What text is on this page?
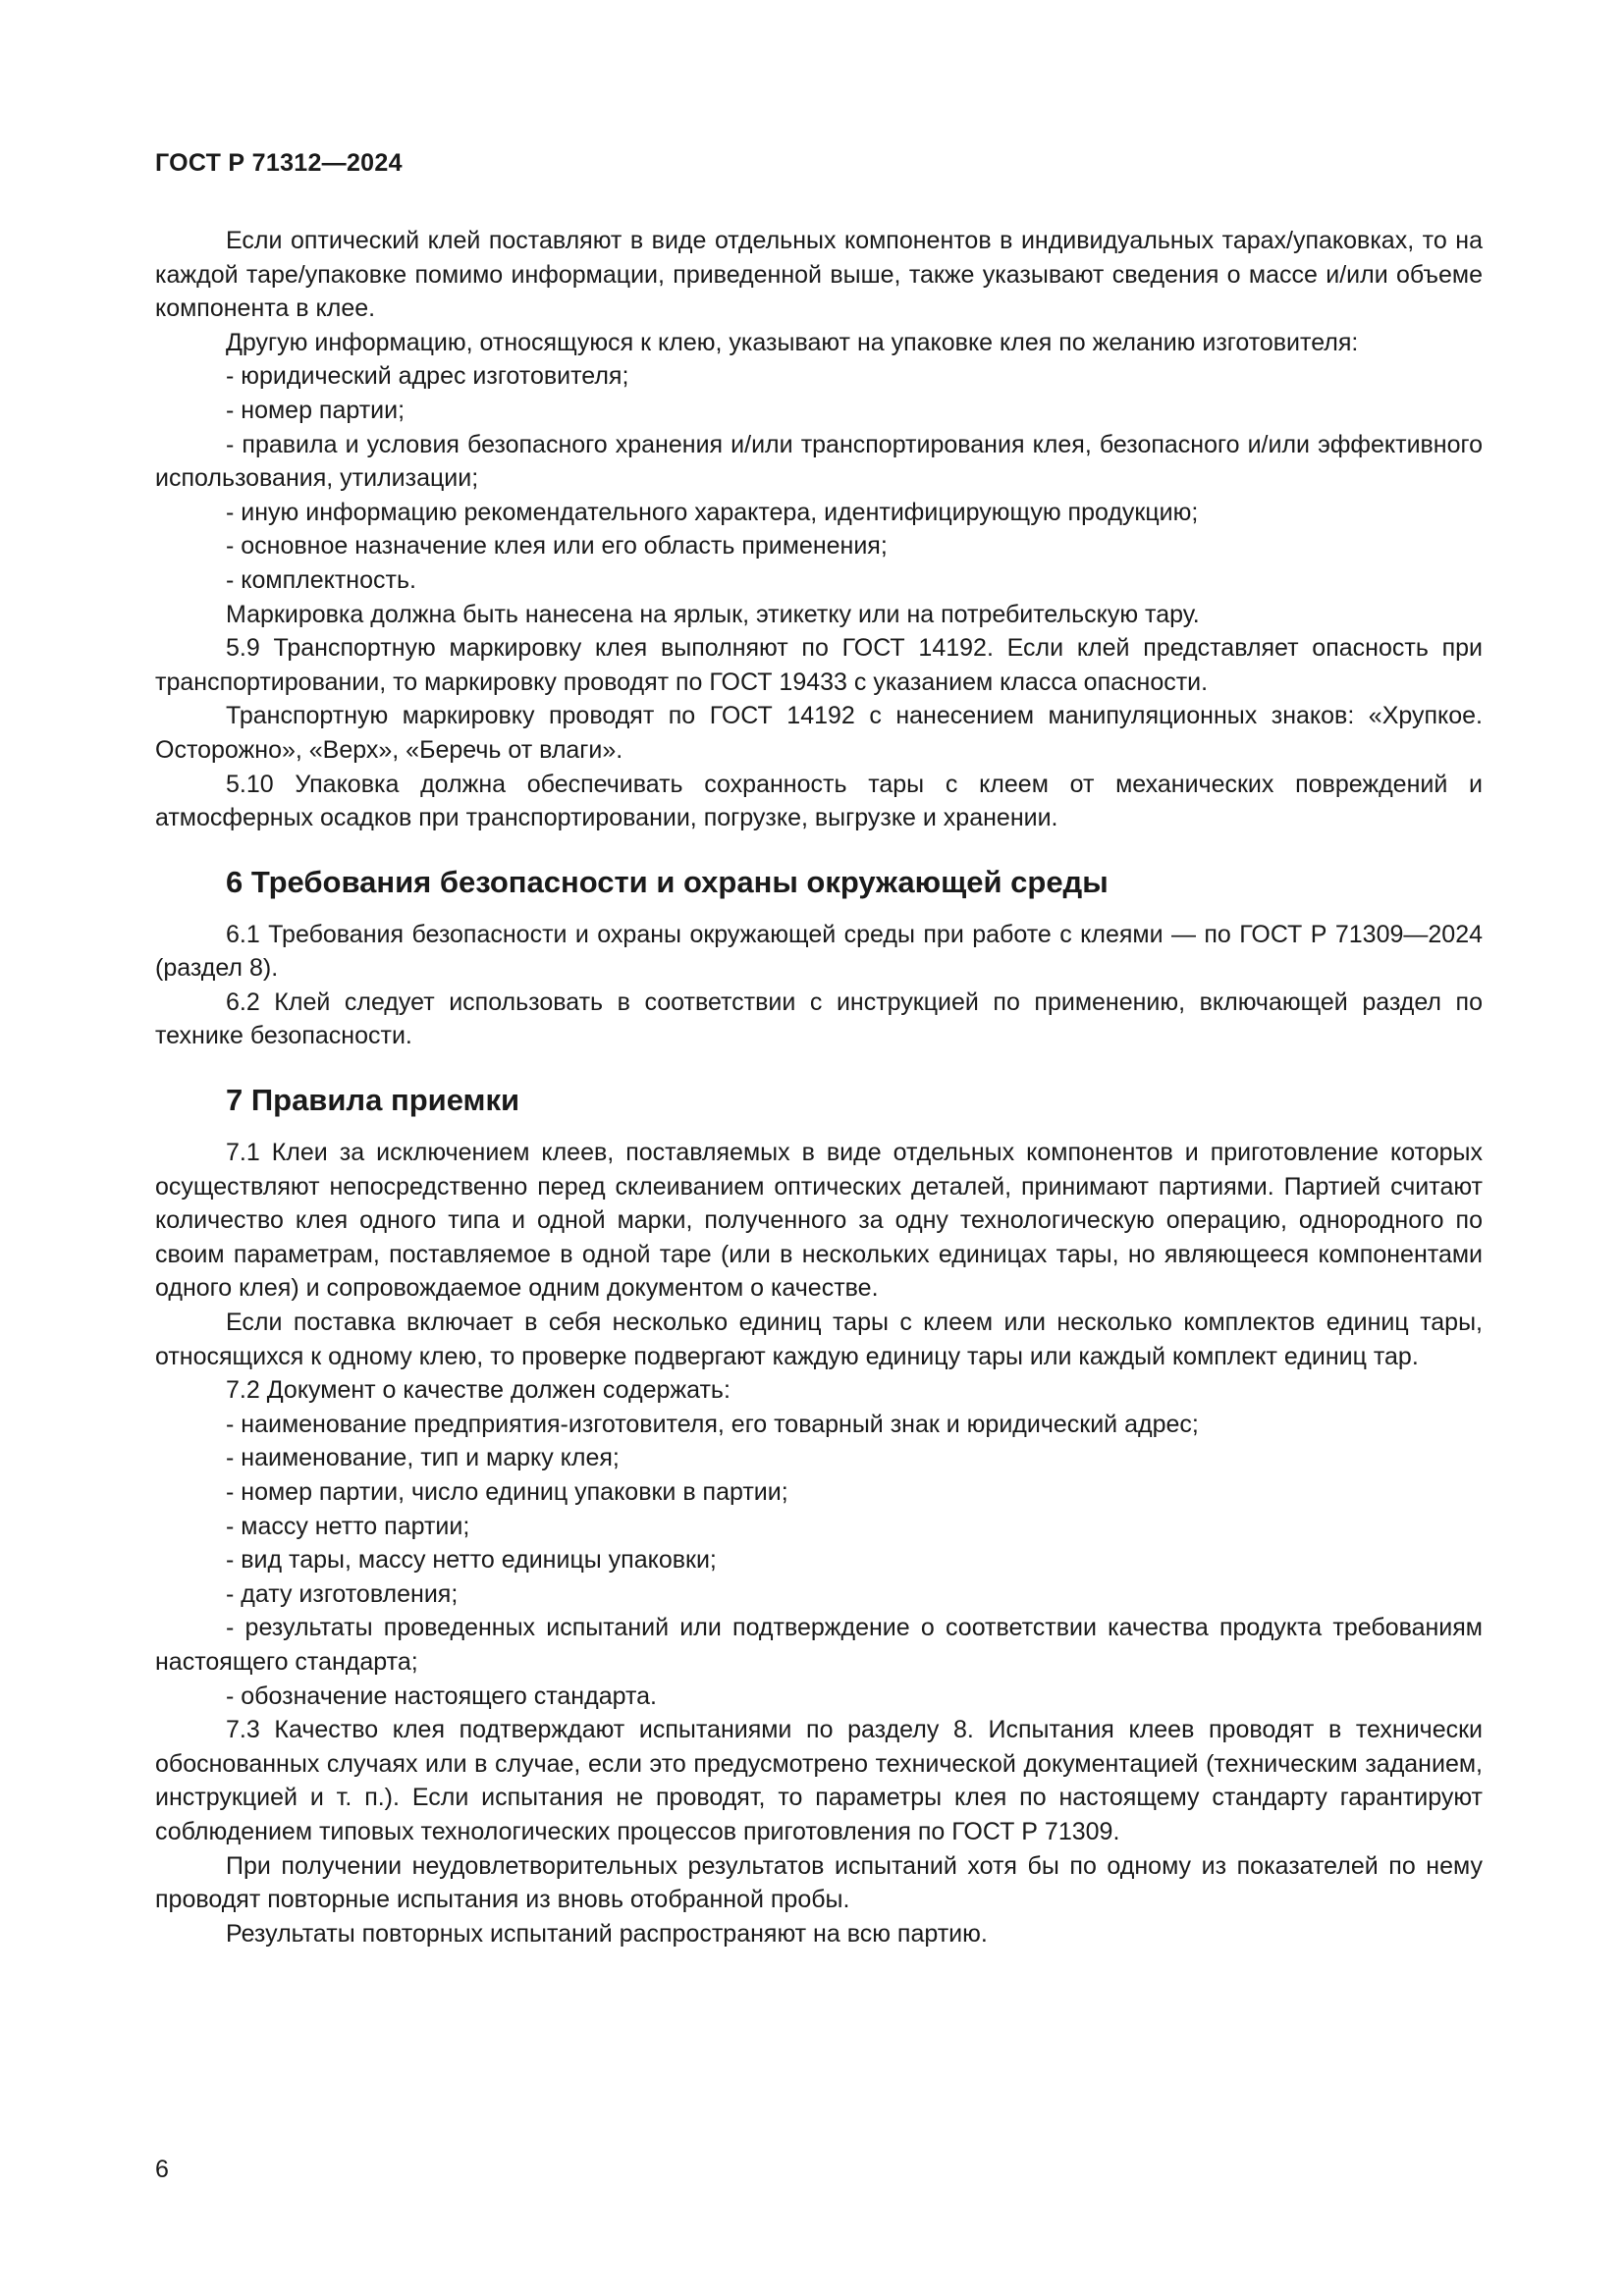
ГОСТ Р 71312—2024

Если оптический клей поставляют в виде отдельных компонентов в индивидуальных тарах/упаковках, то на каждой таре/упаковке помимо информации, приведенной выше, также указывают сведения о массе и/или объеме компонента в клее.

Другую информацию, относящуюся к клею, указывают на упаковке клея по желанию изготовителя:

- юридический адрес изготовителя;

- номер партии;

- правила и условия безопасного хранения и/или транспортирования клея, безопасного и/или эффективного использования, утилизации;

- иную информацию рекомендательного характера, идентифицирующую продукцию;

- основное назначение клея или его область применения;

- комплектность.

Маркировка должна быть нанесена на ярлык, этикетку или на потребительскую тару.

5.9 Транспортную маркировку клея выполняют по ГОСТ 14192. Если клей представляет опасность при транспортировании, то маркировку проводят по ГОСТ 19433 с указанием класса опасности.

Транспортную маркировку проводят по ГОСТ 14192 с нанесением манипуляционных знаков: «Хрупкое. Осторожно», «Верх», «Беречь от влаги».

5.10 Упаковка должна обеспечивать сохранность тары с клеем от механических повреждений и атмосферных осадков при транспортировании, погрузке, выгрузке и хранении.

6 Требования безопасности и охраны окружающей среды

6.1 Требования безопасности и охраны окружающей среды при работе с клеями — по ГОСТ Р 71309—2024 (раздел 8).

6.2 Клей следует использовать в соответствии с инструкцией по применению, включающей раздел по технике безопасности.

7 Правила приемки

7.1 Клеи за исключением клеев, поставляемых в виде отдельных компонентов и приготовление которых осуществляют непосредственно перед склеиванием оптических деталей, принимают партиями. Партией считают количество клея одного типа и одной марки, полученного за одну технологическую операцию, однородного по своим параметрам, поставляемое в одной таре (или в нескольких единицах тары, но являющееся компонентами одного клея) и сопровождаемое одним документом о качестве.

Если поставка включает в себя несколько единиц тары с клеем или несколько комплектов единиц тары, относящихся к одному клею, то проверке подвергают каждую единицу тары или каждый комплект единиц тар.

7.2 Документ о качестве должен содержать:

- наименование предприятия-изготовителя, его товарный знак и юридический адрес;

- наименование, тип и марку клея;

- номер партии, число единиц упаковки в партии;

- массу нетто партии;

- вид тары, массу нетто единицы упаковки;

- дату изготовления;

- результаты проведенных испытаний или подтверждение о соответствии качества продукта требованиям настоящего стандарта;

- обозначение настоящего стандарта.

7.3 Качество клея подтверждают испытаниями по разделу 8. Испытания клеев проводят в технически обоснованных случаях или в случае, если это предусмотрено технической документацией (техническим заданием, инструкцией и т. п.). Если испытания не проводят, то параметры клея по настоящему стандарту гарантируют соблюдением типовых технологических процессов приготовления по ГОСТ Р 71309.

При получении неудовлетворительных результатов испытаний хотя бы по одному из показателей по нему проводят повторные испытания из вновь отобранной пробы.

Результаты повторных испытаний распространяют на всю партию.

6
